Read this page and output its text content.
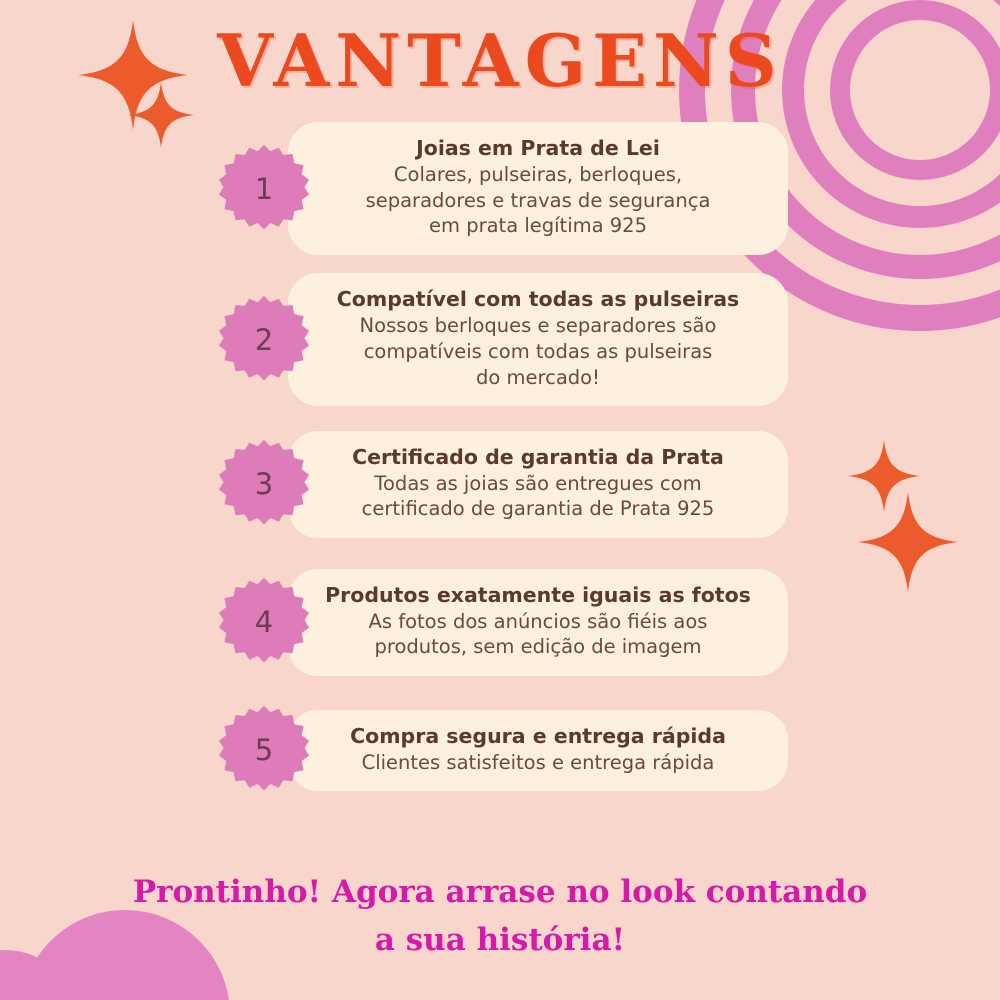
VANTAGENS
1
Joias em Prata de Lei

Colares, pulseiras, berloques,

separadores e travas de segurança

em prata legítima 925

2
Compatível com todas as pulseiras

Nossos berloques e separadores são

compatíveis com todas as pulseiras

do mercado!

3
Certificado de garantia da Prata

Todas as joias são entregues com

certificado de garantia de Prata 925

4
Produtos exatamente iguais as fotos

As fotos dos anúncios são fiéis aos

produtos, sem edição de imagem

5	Compra segura e entrega rápida

Clientes satisfeitos e entrega rápida

Prontinho! Agora arrase no look contando
a sua história!
